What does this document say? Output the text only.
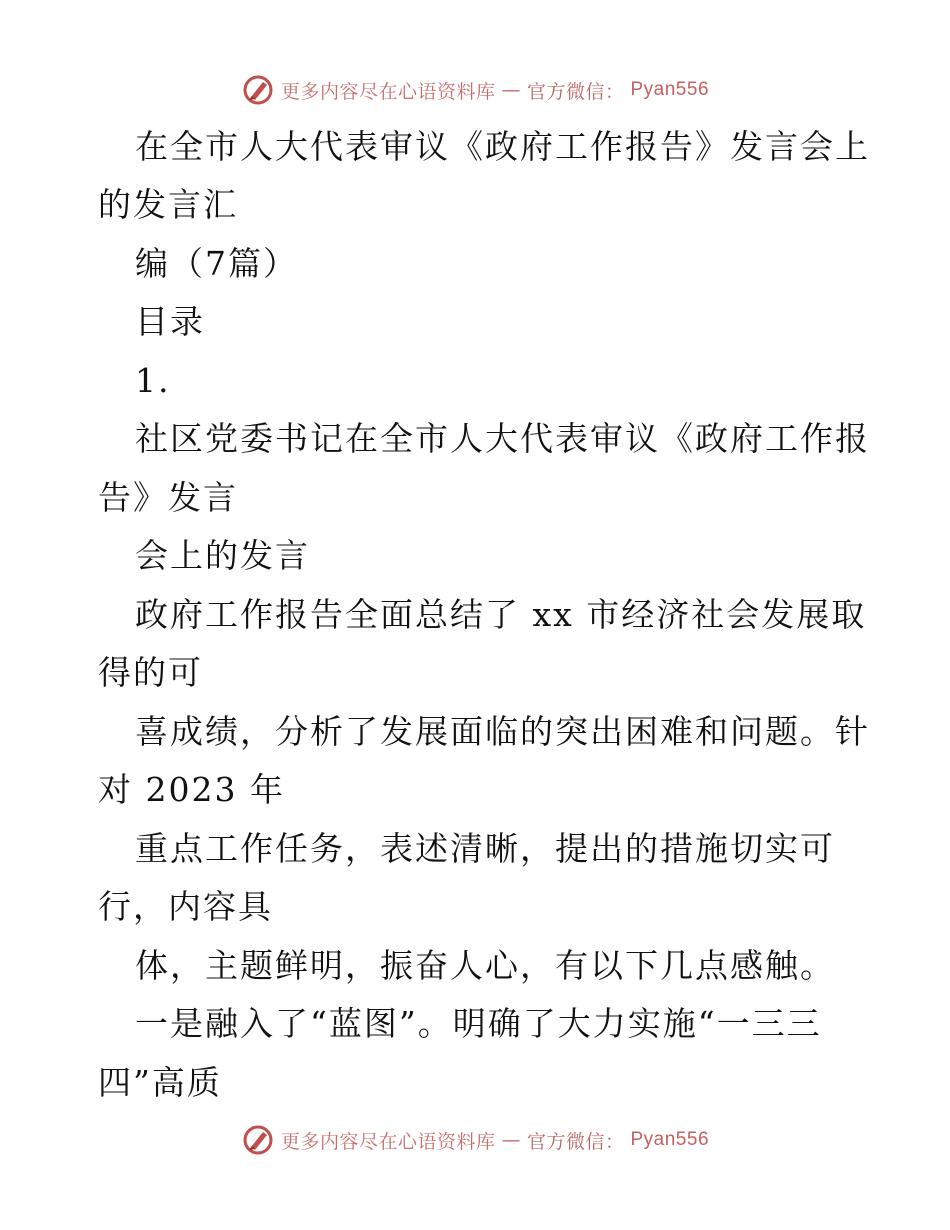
更多内容尽在心语资料库 — 官方微信： Pyan556
在全市人大代表审议《政府工作报告》发言会上
的发言汇
编（7篇）
目录
1.
社区党委书记在全市人大代表审议《政府工作报
告》发言
会上的发言
政府工作报告全面总结了 xx 市经济社会发展取
得的可
喜成绩，分析了发展面临的突出困难和问题。针
对 2023 年
重点工作任务，表述清晰，提出的措施切实可
行，内容具
体，主题鲜明，振奋人心，有以下几点感触。
一是融入了“蓝图”。明确了大力实施“一三三
四”高质
更多内容尽在心语资料库 — 官方微信： Pyan556
